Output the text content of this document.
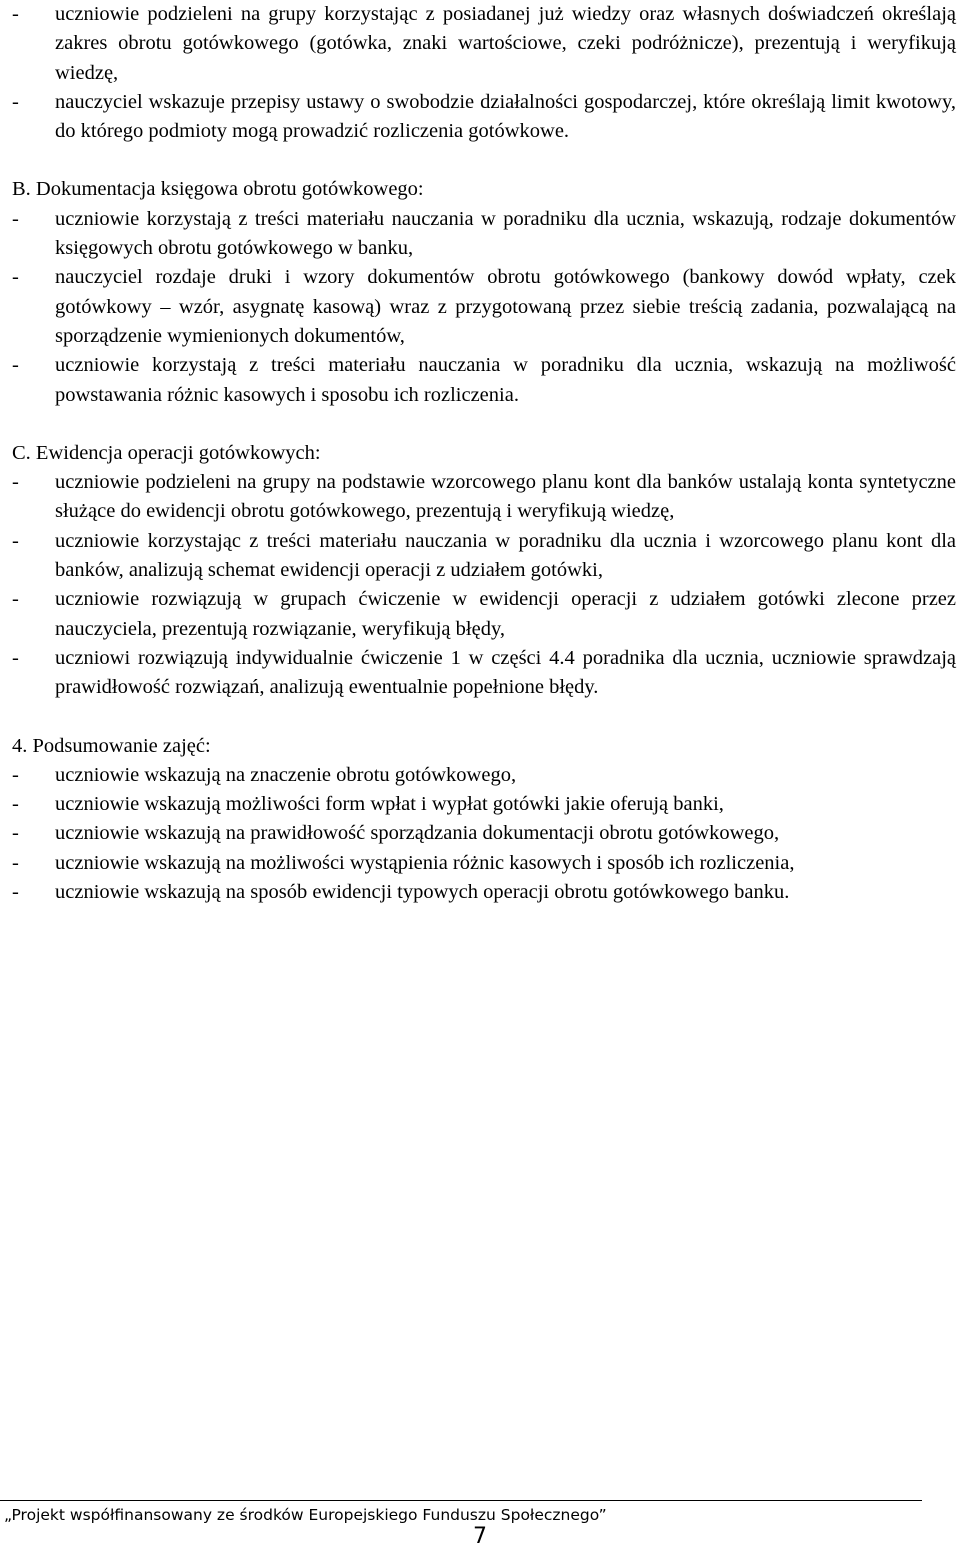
-	uczniowie podzieleni na grupy korzystając z posiadanej już wiedzy oraz własnych doświadczeń określają zakres obrotu gotówkowego (gotówka, znaki wartościowe, czeki podróżnicze), prezentują i weryfikują wiedzę,
-	nauczyciel wskazuje przepisy ustawy o swobodzie działalności gospodarczej, które określają limit kwotowy, do którego podmioty mogą prowadzić rozliczenia gotówkowe.
B. Dokumentacja księgowa obrotu gotówkowego:
-	uczniowie korzystają z treści materiału nauczania w poradniku dla ucznia, wskazują, rodzaje dokumentów księgowych obrotu gotówkowego w banku,
-	nauczyciel rozdaje druki i wzory dokumentów obrotu gotówkowego (bankowy dowód wpłaty, czek gotówkowy – wzór, asygnatę kasową) wraz z przygotowaną przez siebie treścią zadania, pozwalającą na sporządzenie wymienionych dokumentów,
-	uczniowie korzystają z treści materiału nauczania w poradniku dla ucznia, wskazują na możliwość powstawania różnic kasowych i sposobu ich rozliczenia.
C. Ewidencja operacji gotówkowych:
-	uczniowie podzieleni na grupy na podstawie wzorcowego planu kont dla banków ustalają konta syntetyczne służące do ewidencji obrotu gotówkowego, prezentują i weryfikują wiedzę,
-	uczniowie korzystając z treści materiału nauczania w poradniku dla ucznia i wzorcowego planu kont dla banków, analizują schemat ewidencji operacji z udziałem gotówki,
-	uczniowie rozwiązują w grupach ćwiczenie w ewidencji operacji z udziałem gotówki zlecone przez nauczyciela, prezentują rozwiązanie, weryfikują błędy,
-	uczniowi rozwiązują indywidualnie ćwiczenie 1 w części 4.4 poradnika dla ucznia, uczniowie sprawdzają prawidłowość rozwiązań, analizują ewentualnie popełnione błędy.
4. Podsumowanie zajęć:
-	uczniowie wskazują na znaczenie obrotu gotówkowego,
-	uczniowie wskazują możliwości form wpłat i wypłat gotówki jakie oferują banki,
-	uczniowie wskazują na prawidłowość sporządzania dokumentacji obrotu gotówkowego,
-	uczniowie wskazują na możliwości wystąpienia różnic kasowych i sposób ich rozliczenia,
-	uczniowie wskazują na sposób ewidencji typowych operacji obrotu gotówkowego banku.
„Projekt współfinansowany ze środków Europejskiego Funduszu Społecznego”
7
